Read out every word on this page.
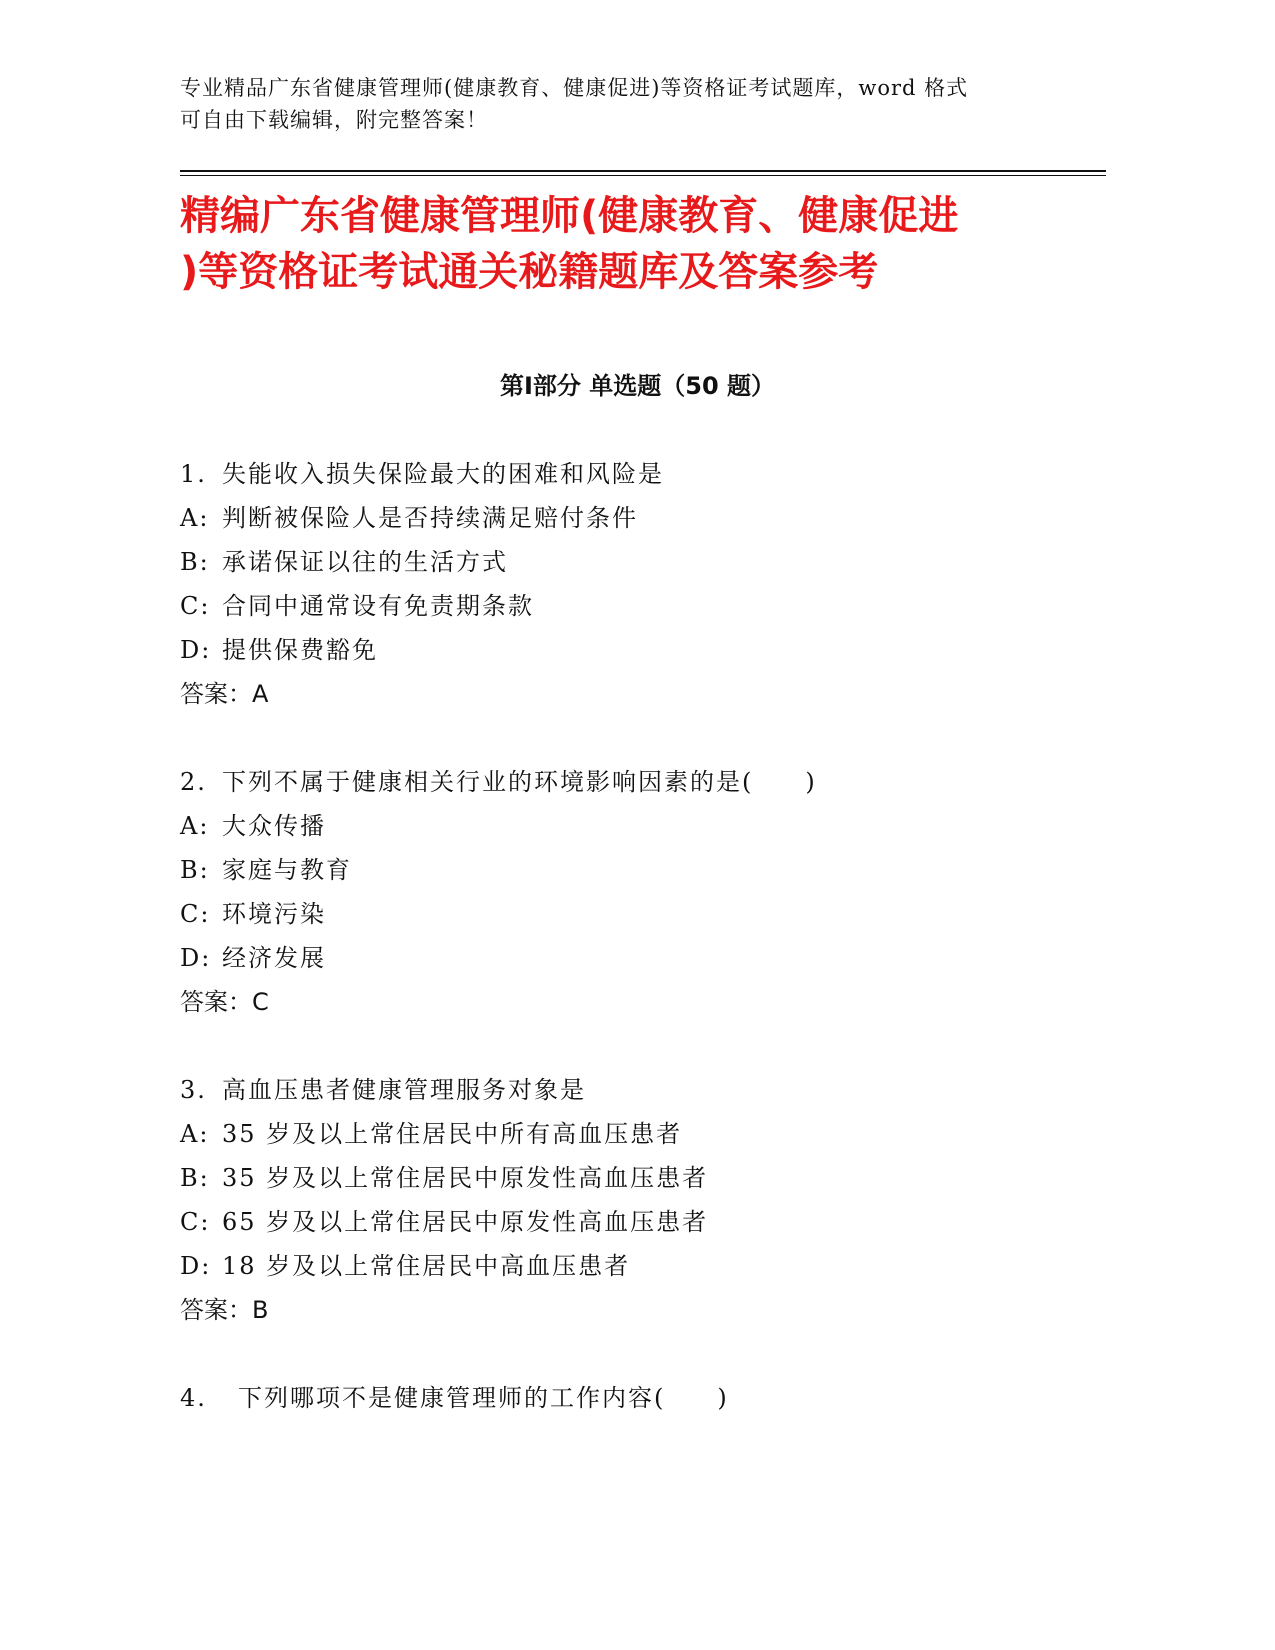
专业精品广东省健康管理师(健康教育、健康促进)等资格证考试题库，word 格式
可自由下载编辑，附完整答案！
精编广东省健康管理师(健康教育、健康促进
)等资格证考试通关秘籍题库及答案参考
第Ⅰ部分 单选题（50 题）
1. 失能收入损失保险最大的困难和风险是
A: 判断被保险人是否持续满足赔付条件
B: 承诺保证以往的生活方式
C: 合同中通常设有免责期条款
D: 提供保费豁免
答案：A
2. 下列不属于健康相关行业的环境影响因素的是(　　)
A: 大众传播
B: 家庭与教育
C: 环境污染
D: 经济发展
答案：C
3. 高血压患者健康管理服务对象是
A: 35 岁及以上常住居民中所有高血压患者
B: 35 岁及以上常住居民中原发性高血压患者
C: 65 岁及以上常住居民中原发性高血压患者
D: 18 岁及以上常住居民中高血压患者
答案：B
4. 下列哪项不是健康管理师的工作内容(　　)
